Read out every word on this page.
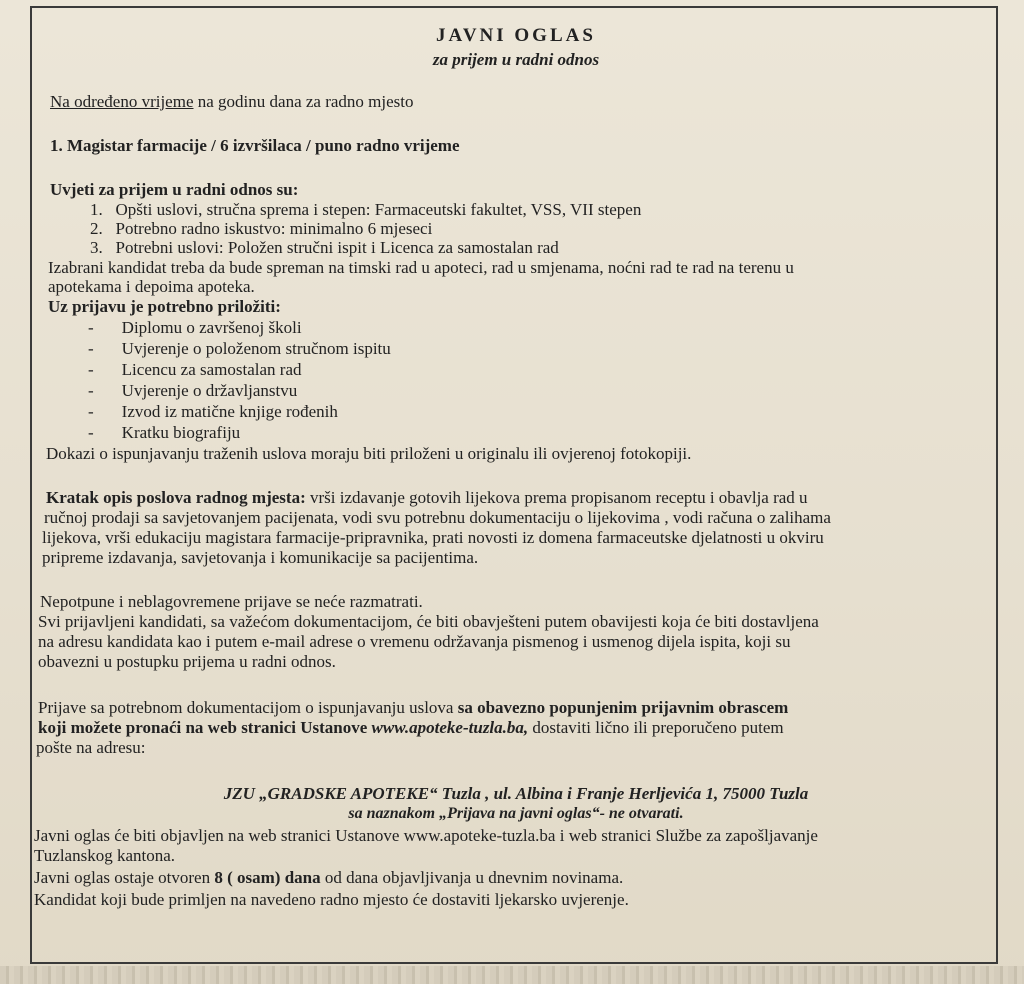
JAVNI OGLAS
za prijem u radni odnos
Na određeno vrijeme na godinu dana za radno mjesto
1. Magistar farmacije / 6 izvršilaca / puno radno vrijeme
Uvjeti za prijem u radni odnos su:
1. Opšti uslovi, stručna sprema i stepen: Farmaceutski fakultet, VSS, VII stepen
2. Potrebno radno iskustvo: minimalno 6 mjeseci
3. Potrebni uslovi: Položen stručni ispit i Licenca za samostalan rad
Izabrani kandidat treba da bude spreman na timski rad u apoteci, rad u smjenama, noćni rad te rad na terenu u
apotekama i depoima apoteka.
Uz prijavu je potrebno priložiti:
- Diplomu o završenoj školi
- Uvjerenje o položenom stručnom ispitu
- Licencu za samostalan rad
- Uvjerenje o državljanstvu
- Izvod iz matične knjige rođenih
- Kratku biografiju
Dokazi o ispunjavanju traženih uslova moraju biti priloženi u originalu ili ovjerenoj fotokopiji.
Kratak opis poslova radnog mjesta: vrši izdavanje gotovih lijekova prema propisanom receptu i obavlja rad u
ručnoj prodaji sa savjetovanjem pacijenata, vodi svu potrebnu dokumentaciju o lijekovima , vodi računa o zalihama
lijekova, vrši edukaciju magistara farmacije-pripravnika, prati novosti iz domena farmaceutske djelatnosti u okviru
pripreme izdavanja, savjetovanja i komunikacije sa pacijentima.
Nepotpune i neblagovremene prijave se neće razmatrati.
Svi prijavljeni kandidati, sa važećom dokumentacijom, će biti obavješteni putem obavijesti koja će biti dostavljena
na adresu kandidata kao i putem e-mail adrese o vremenu održavanja pismenog i usmenog dijela ispita, koji su
obavezni u postupku prijema u radni odnos.
Prijave sa potrebnom dokumentacijom o ispunjavanju uslova sa obavezno popunjenim prijavnim obrascem
koji možete pronaći na web stranici Ustanove www.apoteke-tuzla.ba, dostaviti lično ili preporučeno putem
pošte na adresu:
JZU „GRADSKE APOTEKE“ Tuzla , ul. Albina i Franje Herljevića 1, 75000 Tuzla
sa naznakom „Prijava na javni oglas“- ne otvarati.
Javni oglas će biti objavljen na web stranici Ustanove www.apoteke-tuzla.ba i web stranici Službe za zapošljavanje
Tuzlanskog kantona.
Javni oglas ostaje otvoren 8 ( osam) dana od dana objavljivanja u dnevnim novinama.
Kandidat koji bude primljen na navedeno radno mjesto će dostaviti ljekarsko uvjerenje.
